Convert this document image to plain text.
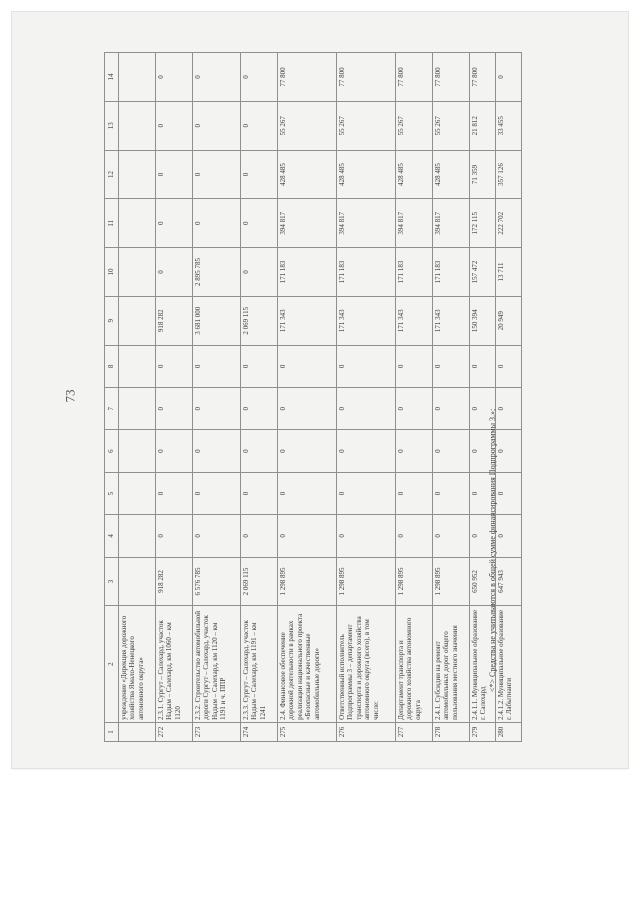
73
1	2	3	4	5	6	7	8	9	10	11	12	13	14
	учреждение «Дирекция дорожного хозяйства Ямало-Ненецкого автономного округа»												
272	2.3.1. Сургут – Салехард, участок Надым – Салехард, км 1060 – км 1120	918 282	0	0	0	0	0	918 282	0	0	0	0	0
273	2.3.2. Строительство автомобильной дороги Сургут – Салехард, участок Надым – Салехард, км 1120 – км 1191 и ч. ППР	6 576 785	0	0	0	0	0	3 681 000	2 895 785	0	0	0	0
274	2.3.3. Сургут – Салехард, участок Надым – Салехард, км 1191 – км 1241	2 069 115	0	0	0	0	0	2 069 115	0	0	0	0	0
275	2.4. Финансовое обеспечение дорожной деятельности в рамках реализации национального проекта «Безопасные и качественные автомобильные дороги»	1 298 895	0	0	0	0	0	171 343	171 183	394 817	428 485	55 267	77 800
276	Ответственный исполнитель Подпрограммы 3 – департамент транспорта и дорожного хозяйства автономного округа (всего), в том числе:	1 298 895	0	0	0	0	0	171 343	171 183	394 817	428 485	55 267	77 800
277	Департамент транспорта и дорожного хозяйства автономного округа	1 298 895	0	0	0	0	0	171 343	171 183	394 817	428 485	55 267	77 800
278	2.4.1. Субсидии на ремонт автомобильных дорог общего пользования местного значения	1 298 895	0	0	0	0	0	171 343	171 183	394 817	428 485	55 267	77 800
279	2.4.1.1. Муниципальное образование г. Салехард	650 952	0	0	0	0	0	150 394	157 472	172 115	71 359	21 812	77 800
280	2.4.1.2. Муниципальное образование г. Лабытнанги	647 943	0	0	0	0	0	20 949	13 711	222 702	357 126	33 455	0
<*> Средства не учитываются в общей сумме финансирования Подпрограммы 3.»;
